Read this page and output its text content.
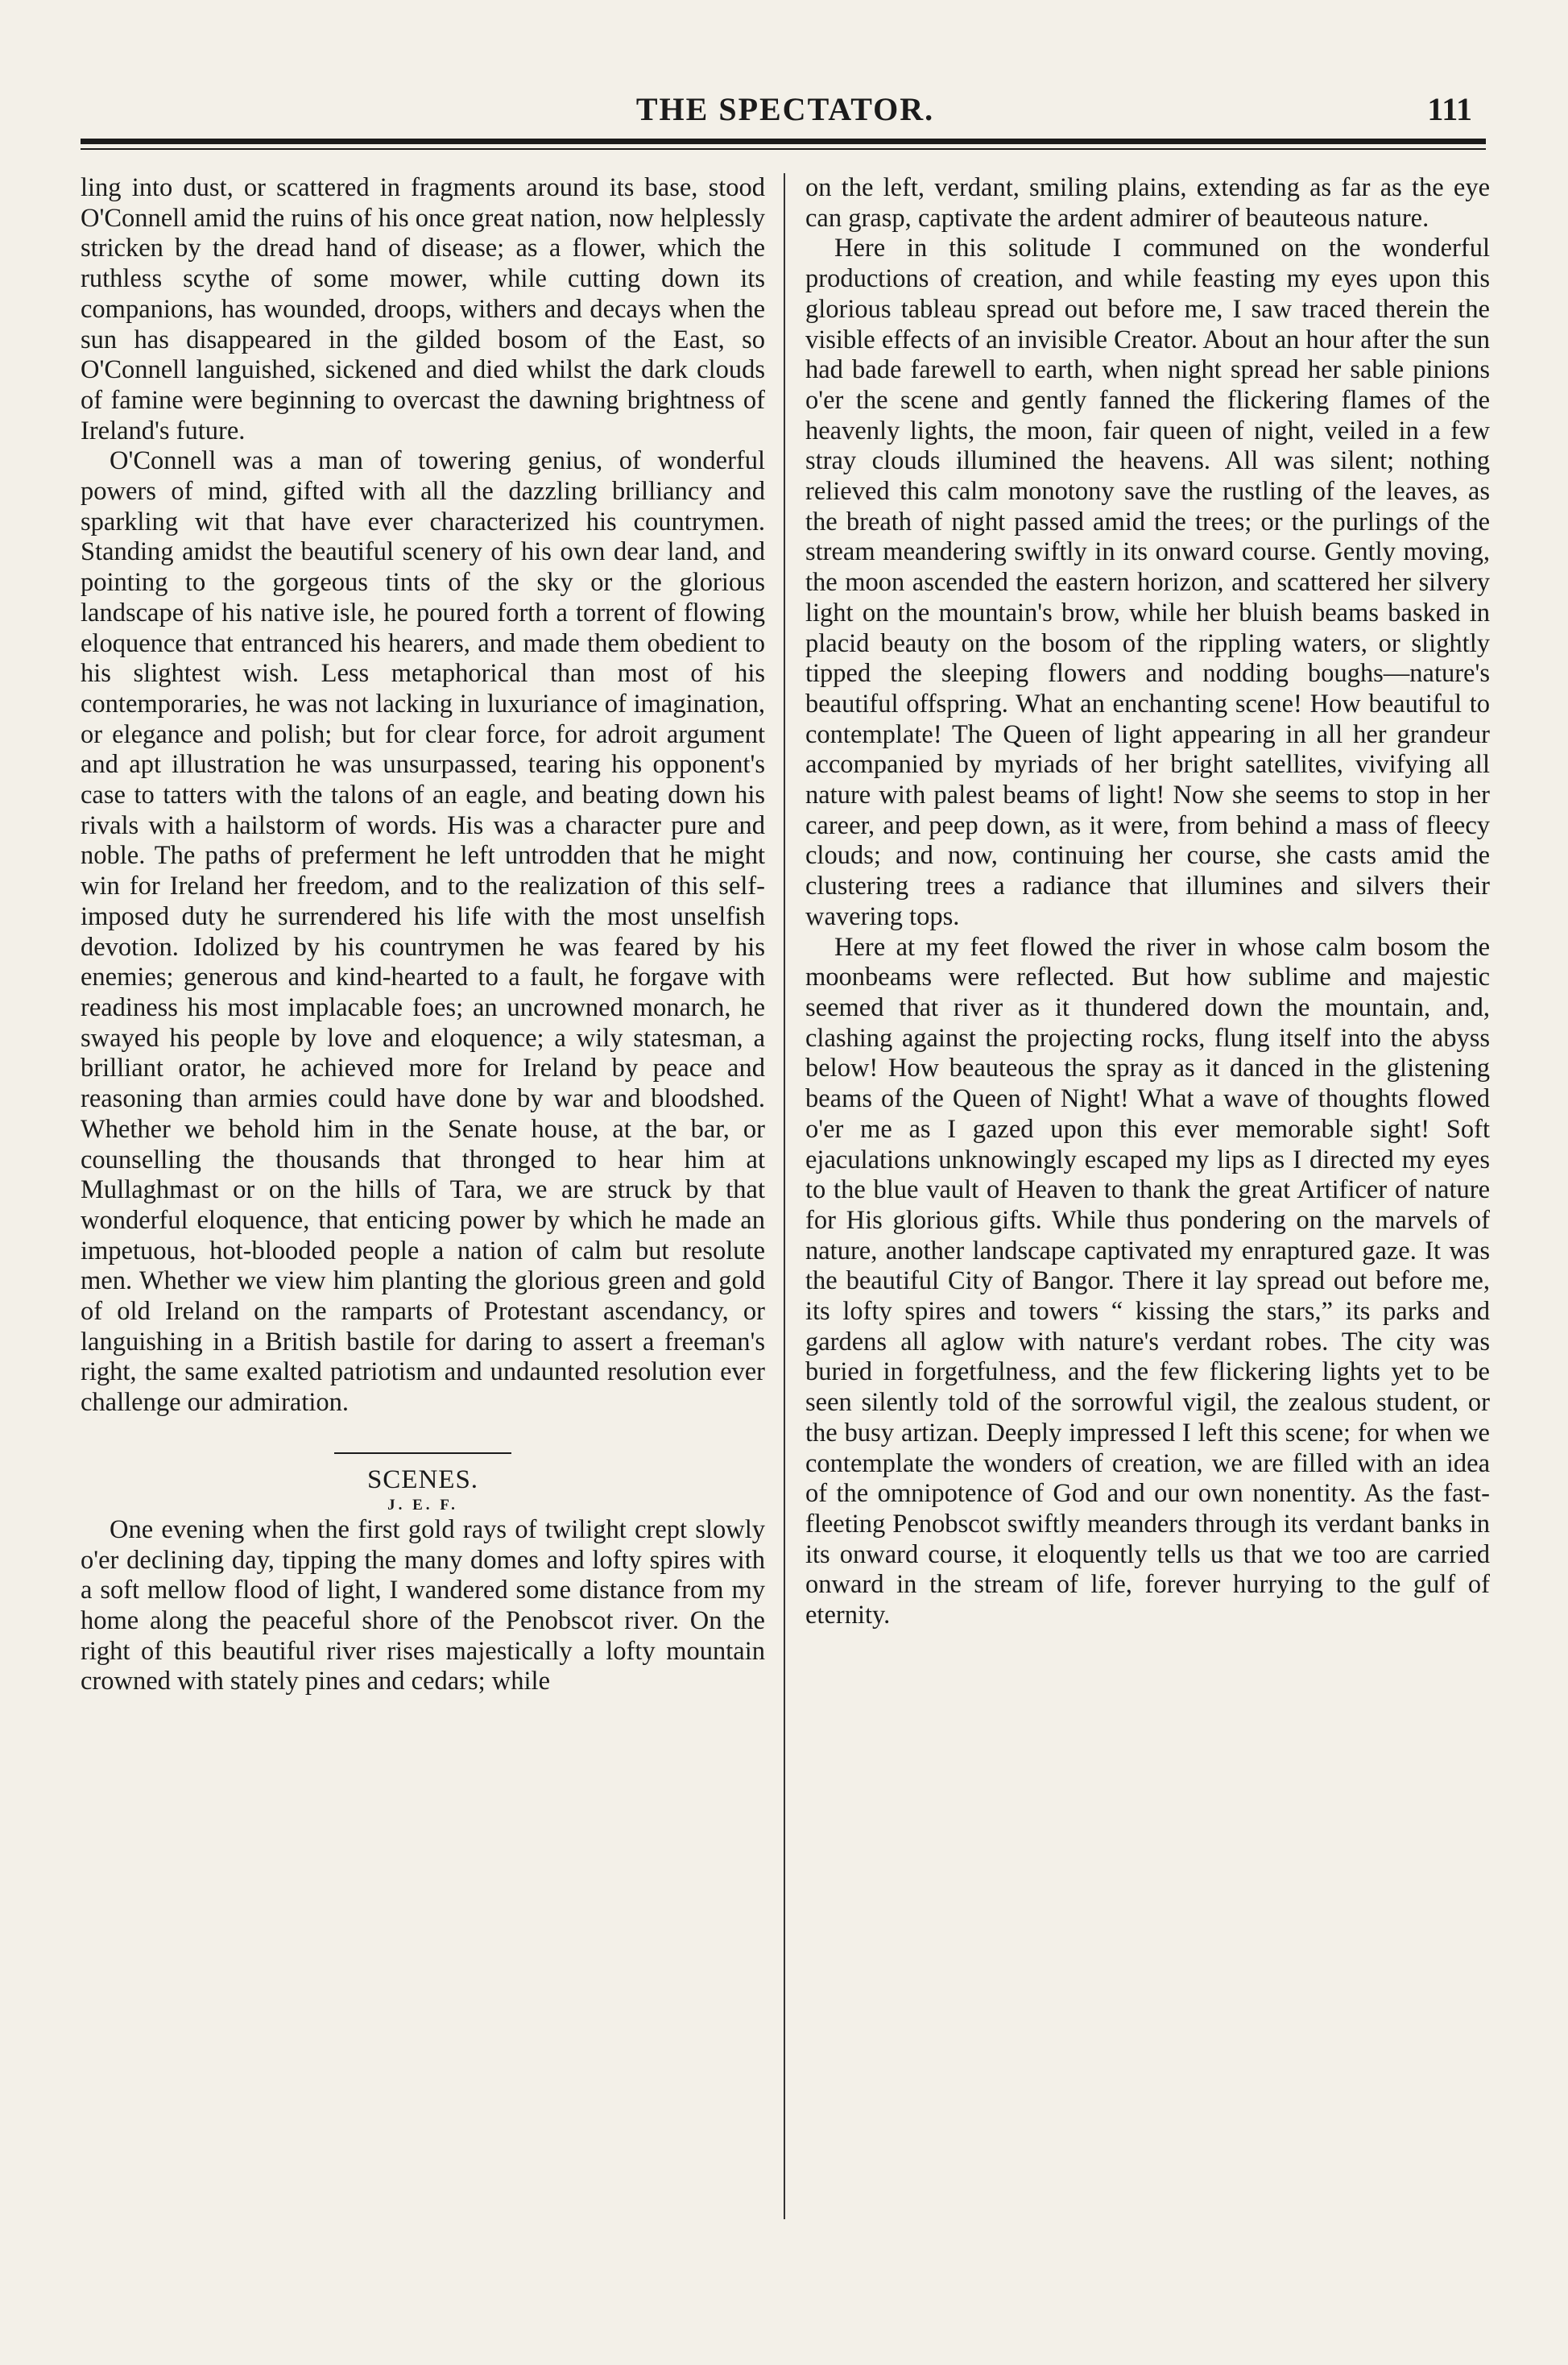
THE SPECTATOR.	111

ling into dust, or scattered in fragments around its base, stood O'Connell amid the ruins of his once great nation, now helplessly stricken by the dread hand of disease; as a flower, which the ruthless scythe of some mower, while cutting down its companions, has wounded, droops, withers and decays when the sun has disappeared in the gilded bosom of the East, so O'Connell languished, sickened and died whilst the dark clouds of famine were beginning to overcast the dawning brightness of Ireland's future.

O'Connell was a man of towering genius, of wonderful powers of mind, gifted with all the dazzling brilliancy and sparkling wit that have ever characterized his countrymen. Standing amidst the beautiful scenery of his own dear land, and pointing to the gorgeous tints of the sky or the glorious landscape of his native isle, he poured forth a torrent of flowing eloquence that entranced his hearers, and made them obedient to his slightest wish. Less metaphorical than most of his contemporaries, he was not lacking in luxuriance of imagination, or elegance and polish; but for clear force, for adroit argument and apt illustration he was unsurpassed, tearing his opponent's case to tatters with the talons of an eagle, and beating down his rivals with a hailstorm of words. His was a character pure and noble. The paths of preferment he left untrodden that he might win for Ireland her freedom, and to the realization of this self-imposed duty he surrendered his life with the most unselfish devotion. Idolized by his countrymen he was feared by his enemies; generous and kind-hearted to a fault, he forgave with readiness his most implacable foes; an uncrowned monarch, he swayed his people by love and eloquence; a wily statesman, a brilliant orator, he achieved more for Ireland by peace and reasoning than armies could have done by war and bloodshed. Whether we behold him in the Senate house, at the bar, or counselling the thousands that thronged to hear him at Mullaghmast or on the hills of Tara, we are struck by that wonderful eloquence, that enticing power by which he made an impetuous, hot-blooded people a nation of calm but resolute men. Whether we view him planting the glorious green and gold of old Ireland on the ramparts of Protestant ascendancy, or languishing in a British bastile for daring to assert a freeman's right, the same exalted patriotism and undaunted resolution ever challenge our admiration.

SCENES.

J. E. F.

One evening when the first gold rays of twilight crept slowly o'er declining day, tipping the many domes and lofty spires with a soft mellow flood of light, I wandered some distance from my home along the peaceful shore of the Penobscot river. On the right of this beautiful river rises majestically a lofty mountain crowned with stately pines and cedars; while

on the left, verdant, smiling plains, extending as far as the eye can grasp, captivate the ardent admirer of beauteous nature.

Here in this solitude I communed on the wonderful productions of creation, and while feasting my eyes upon this glorious tableau spread out before me, I saw traced therein the visible effects of an invisible Creator. About an hour after the sun had bade farewell to earth, when night spread her sable pinions o'er the scene and gently fanned the flickering flames of the heavenly lights, the moon, fair queen of night, veiled in a few stray clouds illumined the heavens. All was silent; nothing relieved this calm monotony save the rustling of the leaves, as the breath of night passed amid the trees; or the purlings of the stream meandering swiftly in its onward course. Gently moving, the moon ascended the eastern horizon, and scattered her silvery light on the mountain's brow, while her bluish beams basked in placid beauty on the bosom of the rippling waters, or slightly tipped the sleeping flowers and nodding boughs—nature's beautiful offspring. What an enchanting scene! How beautiful to contemplate! The Queen of light appearing in all her grandeur accompanied by myriads of her bright satellites, vivifying all nature with palest beams of light! Now she seems to stop in her career, and peep down, as it were, from behind a mass of fleecy clouds; and now, continuing her course, she casts amid the clustering trees a radiance that illumines and silvers their wavering tops.

Here at my feet flowed the river in whose calm bosom the moonbeams were reflected. But how sublime and majestic seemed that river as it thundered down the mountain, and, clashing against the projecting rocks, flung itself into the abyss below! How beauteous the spray as it danced in the glistening beams of the Queen of Night! What a wave of thoughts flowed o'er me as I gazed upon this ever memorable sight! Soft ejaculations unknowingly escaped my lips as I directed my eyes to the blue vault of Heaven to thank the great Artificer of nature for His glorious gifts. While thus pondering on the marvels of nature, another landscape captivated my enraptured gaze. It was the beautiful City of Bangor. There it lay spread out before me, its lofty spires and towers “ kissing the stars,” its parks and gardens all aglow with nature's verdant robes. The city was buried in forgetfulness, and the few flickering lights yet to be seen silently told of the sorrowful vigil, the zealous student, or the busy artizan. Deeply impressed I left this scene; for when we contemplate the wonders of creation, we are filled with an idea of the omnipotence of God and our own nonentity. As the fast-fleeting Penobscot swiftly meanders through its verdant banks in its onward course, it eloquently tells us that we too are carried onward in the stream of life, forever hurrying to the gulf of eternity.
